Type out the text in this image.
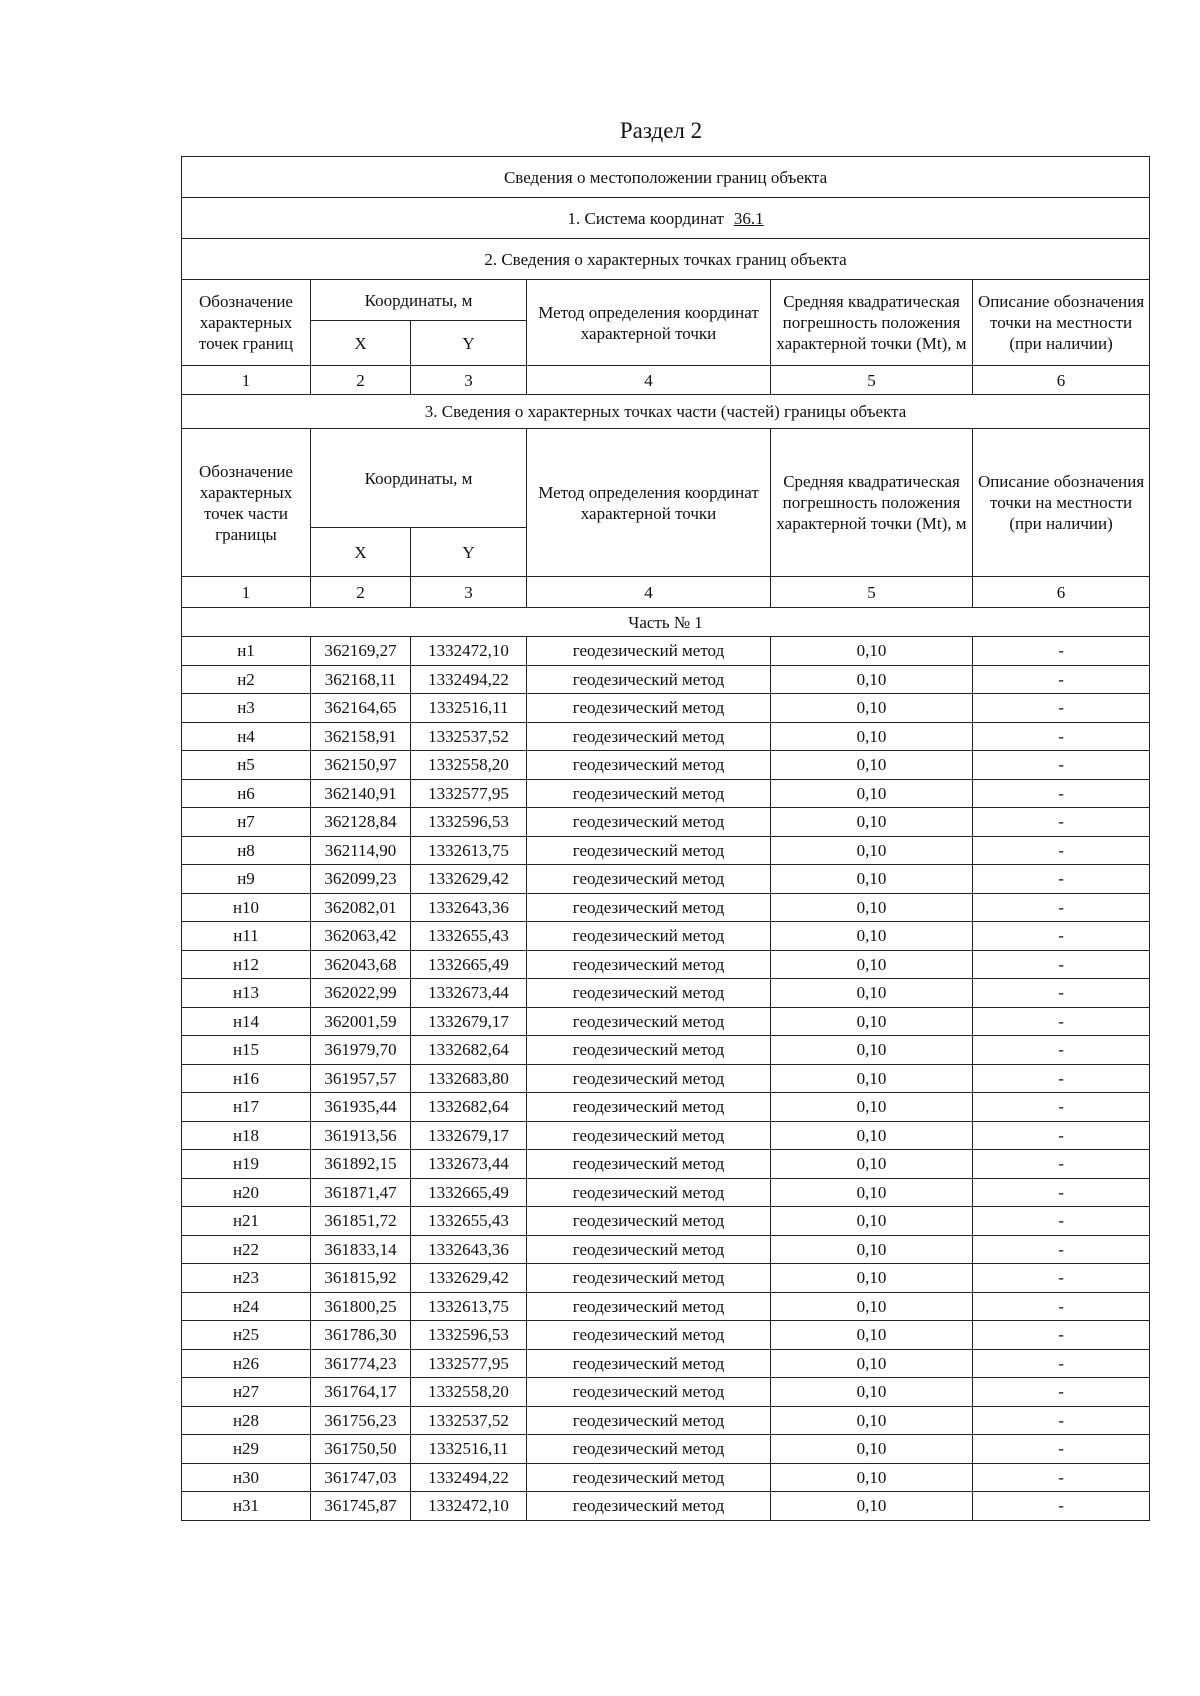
Раздел 2
Сведения о местоположении границ объекта					
1. Система координат 36.1					
2. Сведения о характерных точках границ объекта					
Обозначение характерных точек границ	Координаты, м		Метод определения координат характерной точки	Средняя квадратическая погрешность положения характерной точки (Mt), м	Описание обозначения точки на местности (при наличии)
	X	Y			
1	2	3	4	5	6
3. Сведения о характерных точках части (частей) границы объекта					
Обозначение характерных точек части границы	Координаты, м		Метод определения координат характерной точки	Средняя квадратическая погрешность положения характерной точки (Mt), м	Описание обозначения точки на местности (при наличии)
	X	Y			
1	2	3	4	5	6
Часть № 1					
н1	362169,27	1332472,10	геодезический метод	0,10	-
н2	362168,11	1332494,22	геодезический метод	0,10	-
н3	362164,65	1332516,11	геодезический метод	0,10	-
н4	362158,91	1332537,52	геодезический метод	0,10	-
н5	362150,97	1332558,20	геодезический метод	0,10	-
н6	362140,91	1332577,95	геодезический метод	0,10	-
н7	362128,84	1332596,53	геодезический метод	0,10	-
н8	362114,90	1332613,75	геодезический метод	0,10	-
н9	362099,23	1332629,42	геодезический метод	0,10	-
н10	362082,01	1332643,36	геодезический метод	0,10	-
н11	362063,42	1332655,43	геодезический метод	0,10	-
н12	362043,68	1332665,49	геодезический метод	0,10	-
н13	362022,99	1332673,44	геодезический метод	0,10	-
н14	362001,59	1332679,17	геодезический метод	0,10	-
н15	361979,70	1332682,64	геодезический метод	0,10	-
н16	361957,57	1332683,80	геодезический метод	0,10	-
н17	361935,44	1332682,64	геодезический метод	0,10	-
н18	361913,56	1332679,17	геодезический метод	0,10	-
н19	361892,15	1332673,44	геодезический метод	0,10	-
н20	361871,47	1332665,49	геодезический метод	0,10	-
н21	361851,72	1332655,43	геодезический метод	0,10	-
н22	361833,14	1332643,36	геодезический метод	0,10	-
н23	361815,92	1332629,42	геодезический метод	0,10	-
н24	361800,25	1332613,75	геодезический метод	0,10	-
н25	361786,30	1332596,53	геодезический метод	0,10	-
н26	361774,23	1332577,95	геодезический метод	0,10	-
н27	361764,17	1332558,20	геодезический метод	0,10	-
н28	361756,23	1332537,52	геодезический метод	0,10	-
н29	361750,50	1332516,11	геодезический метод	0,10	-
н30	361747,03	1332494,22	геодезический метод	0,10	-
н31	361745,87	1332472,10	геодезический метод	0,10	-
